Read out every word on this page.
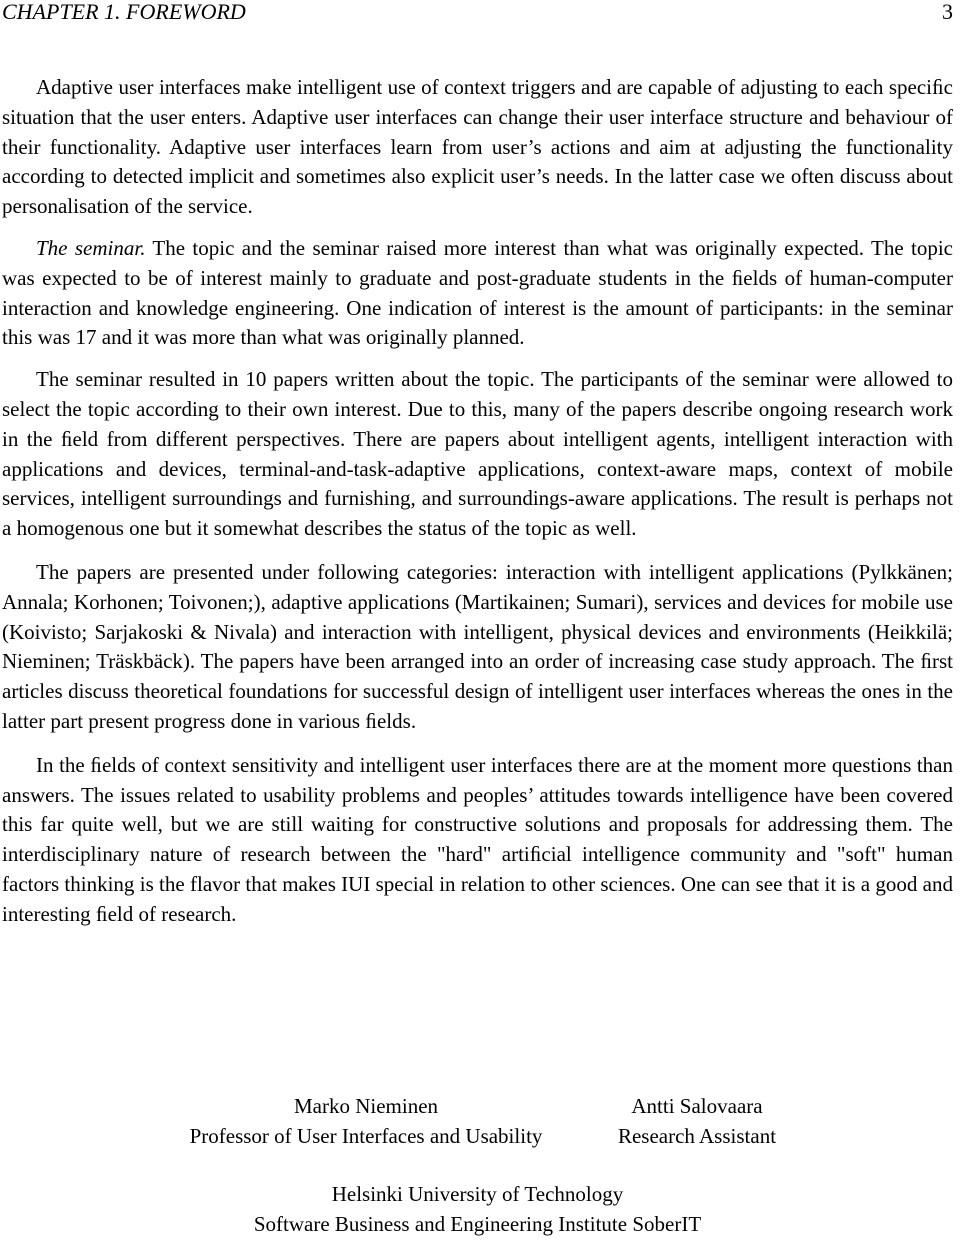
CHAPTER 1. FOREWORD	3

Adaptive user interfaces make intelligent use of context triggers and are capable of adjusting to each speciﬁc situation that the user enters. Adaptive user interfaces can change their user interface structure and behaviour of their functionality. Adaptive user interfaces learn from user’s actions and aim at adjusting the functionality according to detected implicit and sometimes also explicit user’s needs. In the latter case we often discuss about personalisation of the service.

The seminar. The topic and the seminar raised more interest than what was originally expected. The topic was expected to be of interest mainly to graduate and post-graduate students in the ﬁelds of human-computer interaction and knowledge engineering. One indication of interest is the amount of participants: in the seminar this was 17 and it was more than what was originally planned.

The seminar resulted in 10 papers written about the topic. The participants of the seminar were allowed to select the topic according to their own interest. Due to this, many of the papers describe ongoing research work in the ﬁeld from different perspectives. There are papers about intelligent agents, intelligent interaction with applications and devices, terminal-and-task-adaptive applications, context-aware maps, context of mobile services, intelligent surroundings and furnishing, and surroundings-aware applications. The result is perhaps not a homogenous one but it somewhat describes the status of the topic as well.

The papers are presented under following categories: interaction with intelligent applications (Pylkkänen; Annala; Korhonen; Toivonen;), adaptive applications (Martikainen; Sumari), services and devices for mobile use (Koivisto; Sarjakoski & Nivala) and interaction with intelligent, physical devices and environments (Heikkilä; Nieminen; Träskbäck). The papers have been arranged into an order of increasing case study approach. The ﬁrst articles discuss theoretical foundations for successful design of intelligent user interfaces whereas the ones in the latter part present progress done in various ﬁelds.

In the ﬁelds of context sensitivity and intelligent user interfaces there are at the moment more questions than answers. The issues related to usability problems and peoples’ attitudes towards intelligence have been covered this far quite well, but we are still waiting for constructive solutions and proposals for addressing them. The interdisciplinary nature of research between the "hard" artiﬁcial intelligence community and "soft" human factors thinking is the flavor that makes IUI special in relation to other sciences. One can see that it is a good and interesting ﬁeld of research.

Marko Nieminen
Professor of User Interfaces and Usability
Antti Salovaara
Research Assistant
Helsinki University of Technology
Software Business and Engineering Institute SoberIT
